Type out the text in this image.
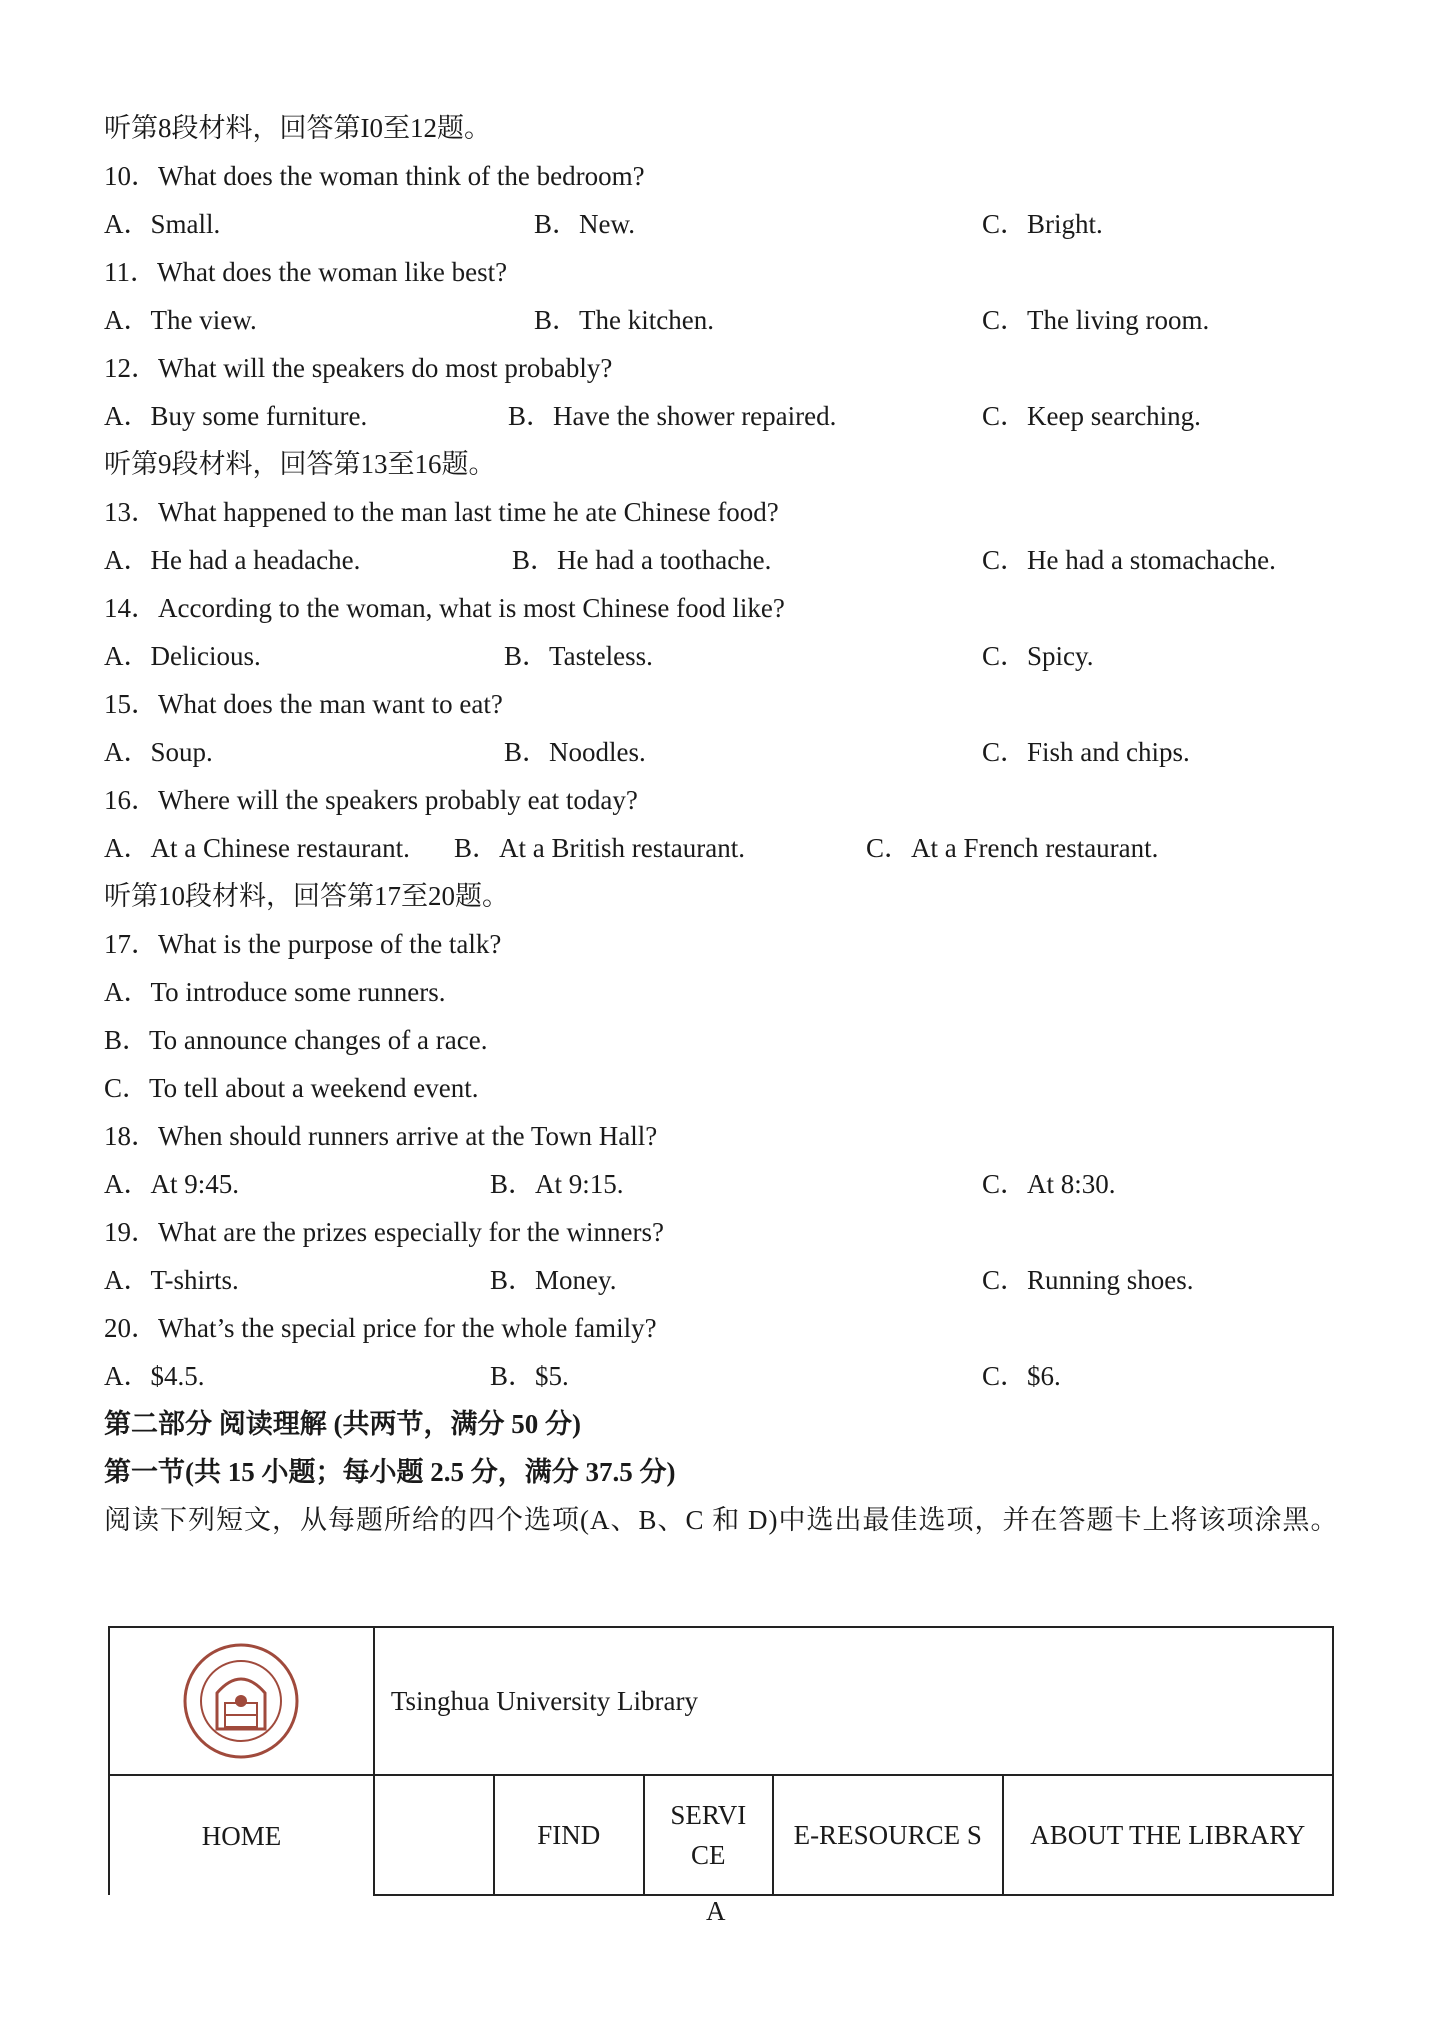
听第8段材料，回答第I0至12题。
10．What does the woman think of the bedroom?
A．Small.	B．New.	C．Bright.
11．What does the woman like best?
A．The view.	B．The kitchen.	C．The living room.
12．What will the speakers do most probably?
A．Buy some furniture.	B．Have the shower repaired.	C．Keep searching.
听第9段材料，回答第13至16题。
13．What happened to the man last time he ate Chinese food?
A．He had a headache.	B．He had a toothache.	C．He had a stomachache.
14．According to the woman, what is most Chinese food like?
A．Delicious.	B．Tasteless.	C．Spicy.
15．What does the man want to eat?
A．Soup.	B．Noodles.	C．Fish and chips.
16．Where will the speakers probably eat today?
A．At a Chinese restaurant. B．At a British restaurant.	C．At a French restaurant.
听第10段材料，回答第17至20题。
17．What is the purpose of the talk?
A．To introduce some runners.
B．To announce changes of a race.
C．To tell about a weekend event.
18．When should runners arrive at the Town Hall?
A．At 9:45.	B．At 9:15.	C．At 8:30.
19．What are the prizes especially for the winners?
A．T-shirts.	B．Money.	C．Running shoes.
20．What’s the special price for the whole family?
A．$4.5.	B．$5.	C．$6.
第二部分 阅读理解 (共两节，满分 50 分)
第一节(共 15 小题；每小题 2.5 分，满分 37.5 分)
阅读下列短文，从每题所给的四个选项(A、B、C 和 D)中选出最佳选项，并在答题卡上将该项涂黑。
	Tsinghua University Library				
HOME		FIND	SERVI CE	E-RESOURCE S	ABOUT THE LIBRARY
A
